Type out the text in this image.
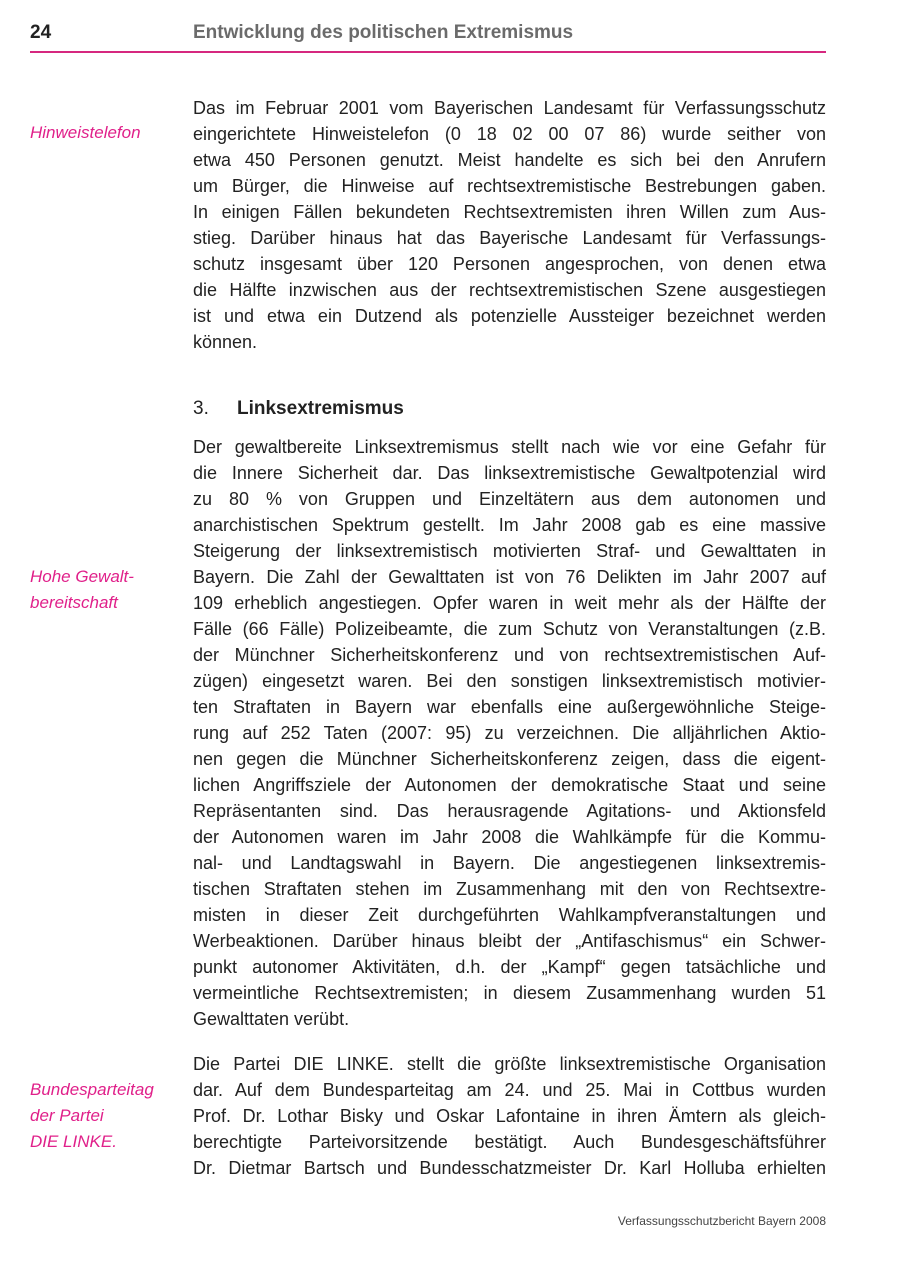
24	Entwicklung des politischen Extremismus
Hinweistelefon
Das im Februar 2001 vom Bayerischen Landesamt für Verfassungsschutz
eingerichtete Hinweistelefon (0 18 02 00 07 86) wurde seither von
etwa 450 Personen genutzt. Meist handelte es sich bei den Anrufern
um Bürger, die Hinweise auf rechtsextremistische Bestrebungen gaben.
In einigen Fällen bekundeten Rechtsextremisten ihren Willen zum Aus-
stieg. Darüber hinaus hat das Bayerische Landesamt für Verfassungs-
schutz insgesamt über 120 Personen angesprochen, von denen etwa
die Hälfte inzwischen aus der rechtsextremistischen Szene ausgestiegen
ist und etwa ein Dutzend als potenzielle Aussteiger bezeichnet werden
können.
3. Linksextremismus
Hohe Gewalt-
bereitschaft
Der gewaltbereite Linksextremismus stellt nach wie vor eine Gefahr für
die Innere Sicherheit dar. Das linksextremistische Gewaltpotenzial wird
zu 80 % von Gruppen und Einzeltätern aus dem autonomen und
anarchistischen Spektrum gestellt. Im Jahr 2008 gab es eine massive
Steigerung der linksextremistisch motivierten Straf- und Gewalttaten in
Bayern. Die Zahl der Gewalttaten ist von 76 Delikten im Jahr 2007 auf
109 erheblich angestiegen. Opfer waren in weit mehr als der Hälfte der
Fälle (66 Fälle) Polizeibeamte, die zum Schutz von Veranstaltungen (z.B.
der Münchner Sicherheitskonferenz und von rechtsextremistischen Auf-
zügen) eingesetzt waren. Bei den sonstigen linksextremistisch motivier-
ten Straftaten in Bayern war ebenfalls eine außergewöhnliche Steige-
rung auf 252 Taten (2007: 95) zu verzeichnen. Die alljährlichen Aktio-
nen gegen die Münchner Sicherheitskonferenz zeigen, dass die eigent-
lichen Angriffsziele der Autonomen der demokratische Staat und seine
Repräsentanten sind. Das herausragende Agitations- und Aktionsfeld
der Autonomen waren im Jahr 2008 die Wahlkämpfe für die Kommu-
nal- und Landtagswahl in Bayern. Die angestiegenen linksextremis-
tischen Straftaten stehen im Zusammenhang mit den von Rechtsextre-
misten in dieser Zeit durchgeführten Wahlkampfveranstaltungen und
Werbeaktionen. Darüber hinaus bleibt der „Antifaschismus“ ein Schwer-
punkt autonomer Aktivitäten, d.h. der „Kampf“ gegen tatsächliche und
vermeintliche Rechtsextremisten; in diesem Zusammenhang wurden 51
Gewalttaten verübt.
Bundesparteitag
der Partei
DIE LINKE.
Die Partei DIE LINKE. stellt die größte linksextremistische Organisation
dar. Auf dem Bundesparteitag am 24. und 25. Mai in Cottbus wurden
Prof. Dr. Lothar Bisky und Oskar Lafontaine in ihren Ämtern als gleich-
berechtigte Parteivorsitzende bestätigt. Auch Bundesgeschäftsführer
Dr. Dietmar Bartsch und Bundesschatzmeister Dr. Karl Holluba erhielten
Verfassungsschutzbericht Bayern 2008
